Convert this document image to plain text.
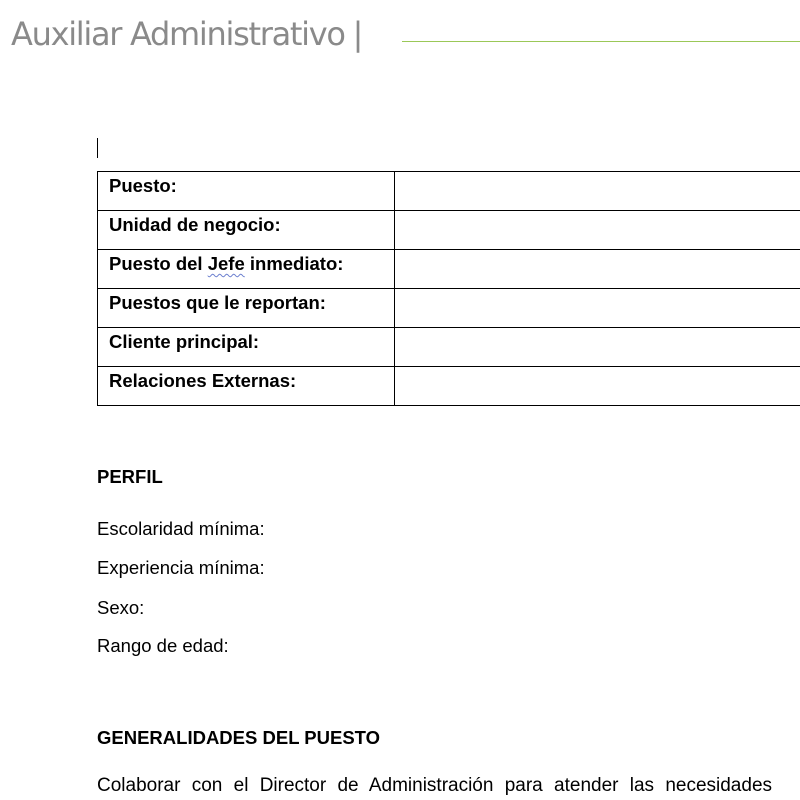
Auxiliar Administrativo |
Puesto:	
Unidad de negocio:	
Puesto del Jefe inmediato:	
Puestos que le reportan:	
Cliente principal:	
Relaciones Externas:	
PERFIL
Escolaridad mínima:
Experiencia mínima:
Sexo:
Rango de edad:
GENERALIDADES DEL PUESTO
Colaborar con el Director de Administración para atender las necesidades
